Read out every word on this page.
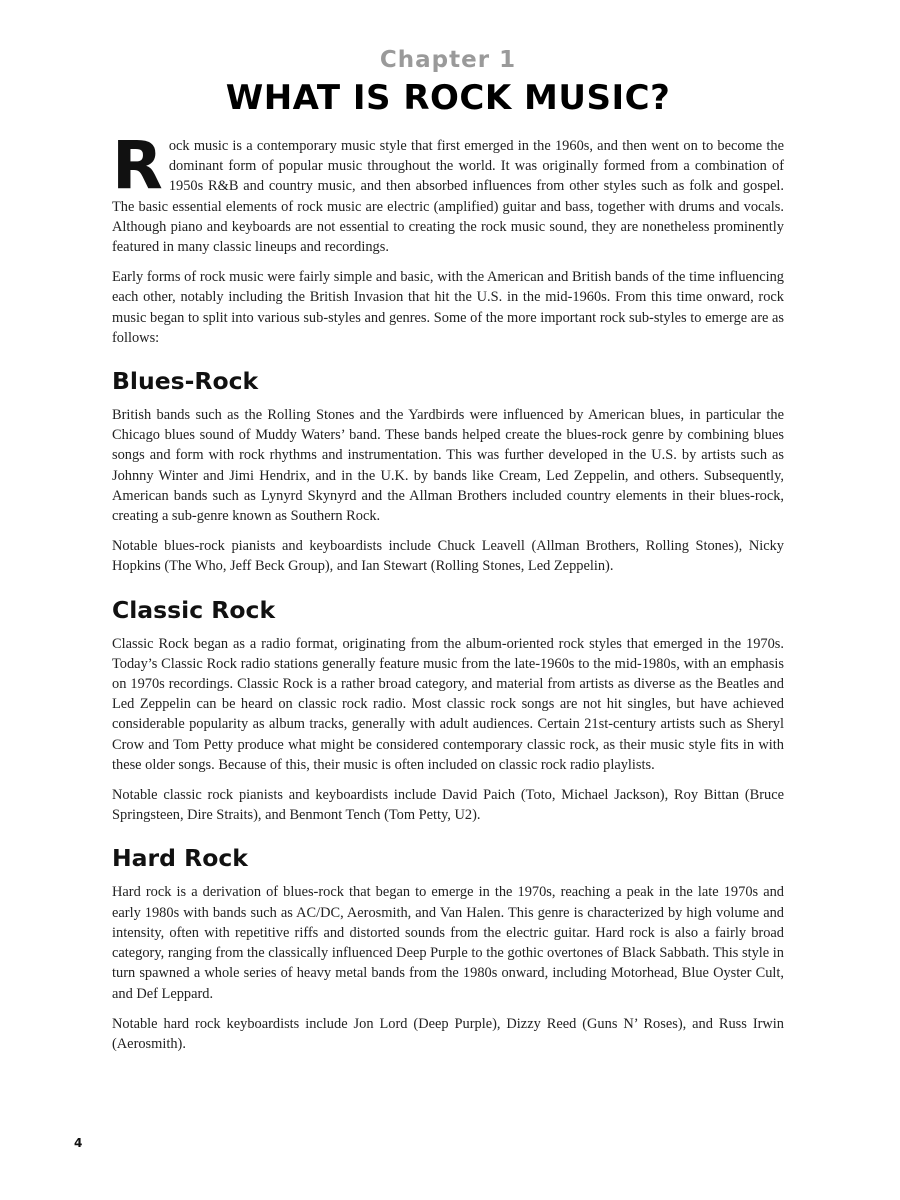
Chapter 1
WHAT IS ROCK MUSIC?

Rock music is a contemporary music style that first emerged in the 1960s, and then went on to become the dominant form of popular music throughout the world. It was originally formed from a combination of 1950s R&B and country music, and then absorbed influences from other styles such as folk and gospel. The basic essential elements of rock music are electric (amplified) guitar and bass, together with drums and vocals. Although piano and keyboards are not essential to creating the rock music sound, they are nonetheless prominently featured in many classic lineups and recordings.

Early forms of rock music were fairly simple and basic, with the American and British bands of the time influencing each other, notably including the British Invasion that hit the U.S. in the mid-1960s. From this time onward, rock music began to split into various sub-styles and genres. Some of the more important rock sub-styles to emerge are as follows:

Blues-Rock

British bands such as the Rolling Stones and the Yardbirds were influenced by American blues, in particular the Chicago blues sound of Muddy Waters’ band. These bands helped create the blues-rock genre by combining blues songs and form with rock rhythms and instrumentation. This was further developed in the U.S. by artists such as Johnny Winter and Jimi Hendrix, and in the U.K. by bands like Cream, Led Zeppelin, and others. Subsequently, American bands such as Lynyrd Skynyrd and the Allman Brothers included country elements in their blues-rock, creating a sub-genre known as Southern Rock.

Notable blues-rock pianists and keyboardists include Chuck Leavell (Allman Brothers, Rolling Stones), Nicky Hopkins (The Who, Jeff Beck Group), and Ian Stewart (Rolling Stones, Led Zeppelin).

Classic Rock

Classic Rock began as a radio format, originating from the album-oriented rock styles that emerged in the 1970s. Today’s Classic Rock radio stations generally feature music from the late-1960s to the mid-1980s, with an emphasis on 1970s recordings. Classic Rock is a rather broad category, and material from artists as diverse as the Beatles and Led Zeppelin can be heard on classic rock radio. Most classic rock songs are not hit singles, but have achieved considerable popularity as album tracks, generally with adult audiences. Certain 21st-century artists such as Sheryl Crow and Tom Petty produce what might be considered contemporary classic rock, as their music style fits in with these older songs. Because of this, their music is often included on classic rock radio playlists.

Notable classic rock pianists and keyboardists include David Paich (Toto, Michael Jackson), Roy Bittan (Bruce Springsteen, Dire Straits), and Benmont Tench (Tom Petty, U2).

Hard Rock

Hard rock is a derivation of blues-rock that began to emerge in the 1970s, reaching a peak in the late 1970s and early 1980s with bands such as AC/DC, Aerosmith, and Van Halen. This genre is characterized by high volume and intensity, often with repetitive riffs and distorted sounds from the electric guitar. Hard rock is also a fairly broad category, ranging from the classically influenced Deep Purple to the gothic overtones of Black Sabbath. This style in turn spawned a whole series of heavy metal bands from the 1980s onward, including Motorhead, Blue Oyster Cult, and Def Leppard.

Notable hard rock keyboardists include Jon Lord (Deep Purple), Dizzy Reed (Guns N’ Roses), and Russ Irwin (Aerosmith).

4
